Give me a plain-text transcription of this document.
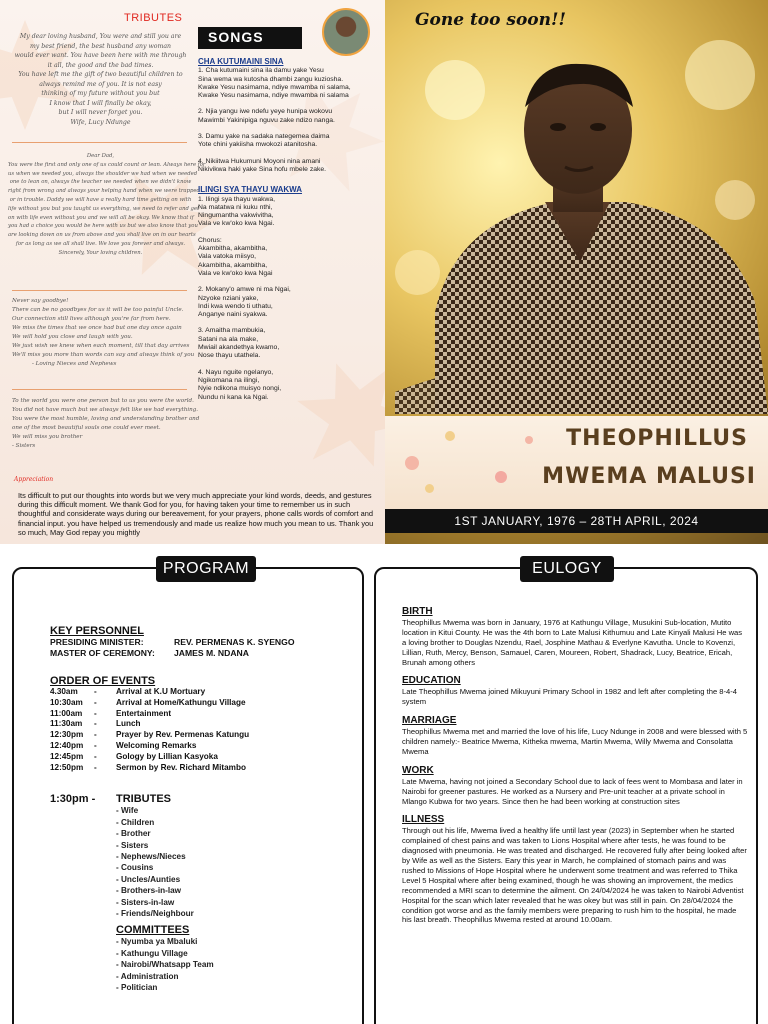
TRIBUTES
SONGS
My dear loving husband, You were and still you are
my best friend, the best husband any woman
would ever want. You have been here with me through
it all, the good and the bad times.
You have left me the gift of two beautiful children to
always remind me of you. It is not easy
thinking of my future without you but
I know that I will finally be okay,
but I will never forget you.
Wife, Lucy Ndunge
Dear Dad,
You were the first and only one of us could count or lean. Always here for
us when we needed you, always the shoulder we had when we needed
one to lean on, always the teacher we needed when we didn't know
right from wrong and always your helping hand when we were trapped
or in trouble. Daddy we will have a really hard time getting on with
life without you but you taught us everything, we need to refer and get
on with life even without you and we will all be okay. We know that if
you had a choice you would be here with us but we also know that you
are looking down on us from above and you shall live on in our hearts
for as long as we all shall live. We love you forever and always.
Sincerely, Your loving children.
Never say goodbye!
There can be no goodbyes for us it will be too painful Uncle.
Our connection still lives although you're far from here.
We miss the times that we once had but one day once again
We will hold you close and laugh with you.
We just wish we knew when each moment, till that day arrives
We'll miss you more than words can say and always think of you
- Loving Nieces and Nephews
To the world you were one person but to us you were the world.
You did not have much but we always felt like we had everything.
You were the most humble, loving and understanding brother and
one of the most beautiful souls one could ever meet.
We will miss you brother
- Sisters
CHA KUTUMAINI SINA
1. Cha kutumaini sina ila damu yake Yesu
Sina wema wa kutosha dhambi zangu kuziosha.
Kwake Yesu nasimama, ndiye mwamba ni salama,
Kwake Yesu nasimama, ndiye mwamba ni salama
2. Njia yangu iwe ndefu yeye hunipa wokovu
Mawimbi Yakinipiga nguvu zake ndizo nanga.
3. Damu yake na sadaka nategemea daima
Yote chini yakiisha mwokozi atanitosha.
4. Nikiitwa Hukumuni Moyoni nina amani
Nikivikwa haki yake Sina hofu mbele zake.
ILINGI SYA THAYU WAKWA
1. Ilingi sya thayu wakwa,
Na matatwa ni kuku nthi,
Ningumantha vakwivitha,
Vala ve kw'oko kwa Ngai.
Chorus:
Akambitha, akambitha,
Vala vatoka miisyo,
Akambitha, akambitha,
Vala ve kw'oko kwa Ngai
2. Mokany'o amwe ni ma Ngai,
Nzyoke nziani yake,
Indi kwa wendo ti uthatu,
Anganye naini syakwa.
3. Amaitha mambukia,
Satani na ala make,
Mwiail akandethya kwamo,
Nose thayu utathela.
4. Nayu nguite ngelanyo,
Ngikomana na ilingi,
Nyie ndikona muisyo nongi,
Nundu ni kana ka Ngai.
Appreciation
Its difficult to put our thoughts into words but we very much appreciate your kind words, deeds, and gestures during this difficult moment. We thank God for you, for having taken your time to remember us in such thoughtful and considerate ways during our bereavement, for your prayers, phone calls words of comfort and financial input. you have helped us tremendously and made us realize how much you mean to us. Thank you so much, May God repay you mightly
Gone too soon!!
THEOPHILLUS
MWEMA MALUSI
1ST JANUARY, 1976 – 28TH APRIL, 2024
PROGRAM
KEY PERSONNEL
PRESIDING MINISTER:	REV. PERMENAS K. SYENGO
MASTER OF CEREMONY:	JAMES M. NDANA
ORDER OF EVENTS
4.30am	-	Arrival at K.U Mortuary
10:30am	-	Arrival at Home/Kathungu Village
11:00am	-	Entertainment
11:30am	-	Lunch
12:30pm	-	Prayer by Rev. Permenas Katungu
12:40pm	-	Welcoming Remarks
12:45pm	-	Gology by Lillian Kasyoka
12:50pm	-	Sermon by Rev. Richard Mitambo
1:30pm -	TRIBUTES
- Wife
- Children
- Brother
- Sisters
- Nephews/Nieces
- Cousins
- Uncles/Aunties
- Brothers-in-law
- Sisters-in-law
- Friends/Neighbour
COMMITTEES
- Nyumba ya Mbaluki
- Kathungu Village
- Nairobi/Whatsapp Team
- Administration
- Politician
EULOGY
BIRTH
Theophillus Mwema was born in January, 1976 at Kathungu Village, Musukini Sub-location, Mutito location in Kitui County. He was the 4th born to Late Malusi Kithumuu and Late Kinyali Malusi He was a loving brother to Douglas Nzendu, Rael, Josphine Mathau & Everlyne Kavutha. Uncle to Kovenzi, Lillian, Ruth, Mercy, Benson, Samauel, Caren, Moureen, Robert, Shadrack, Lucy, Beatrice, Ericah, Brunah among others
EDUCATION
Late Theophillus Mwema joined Mikuyuni Primary School in 1982 and left after completing the 8-4-4 system
MARRIAGE
Theophillus Mwema met and married the love of his life, Lucy Ndunge in 2008 and were blessed with 5 children namely:- Beatrice Mwema, Kitheka mwema, Martin Mwema, Willy Mwema and Consolatta Mwema
WORK
Late Mwema, having not joined a Secondary School due to lack of fees went to Mombasa and later in Nairobi for greener pastures. He worked as a Nursery and Pre-unit teacher at a private school in Mlango Kubwa for two years. Since then he had been working at construction sites
ILLNESS
Through out his life, Mwema lived a healthy life until last year (2023) in September when he started complained of chest pains and was taken to Lions Hospital where after tests, he was found to be diagnosed with pneumonia. He was treated and discharged. He recovered fully after being looked after by Wife as well as the Sisters. Eary this year in March, he complained of stomach pains and was rushed to Missions of Hope Hospital where he underwent some treatment and was referred to Thika Level 5 Hospital where after being examined, though he was showing an improvement, the medics recommended a MRI scan to determine the ailment. On 24/04/2024 he was taken to Nairobi Adventist Hospital for the scan which later revealed that he was okey but was still in pain. On 28/04/2024 the condition got worse and as the family members were preparing to rush him to the hospital, he made his last breath. Theophillus Mwema rested at around 10.00am.
